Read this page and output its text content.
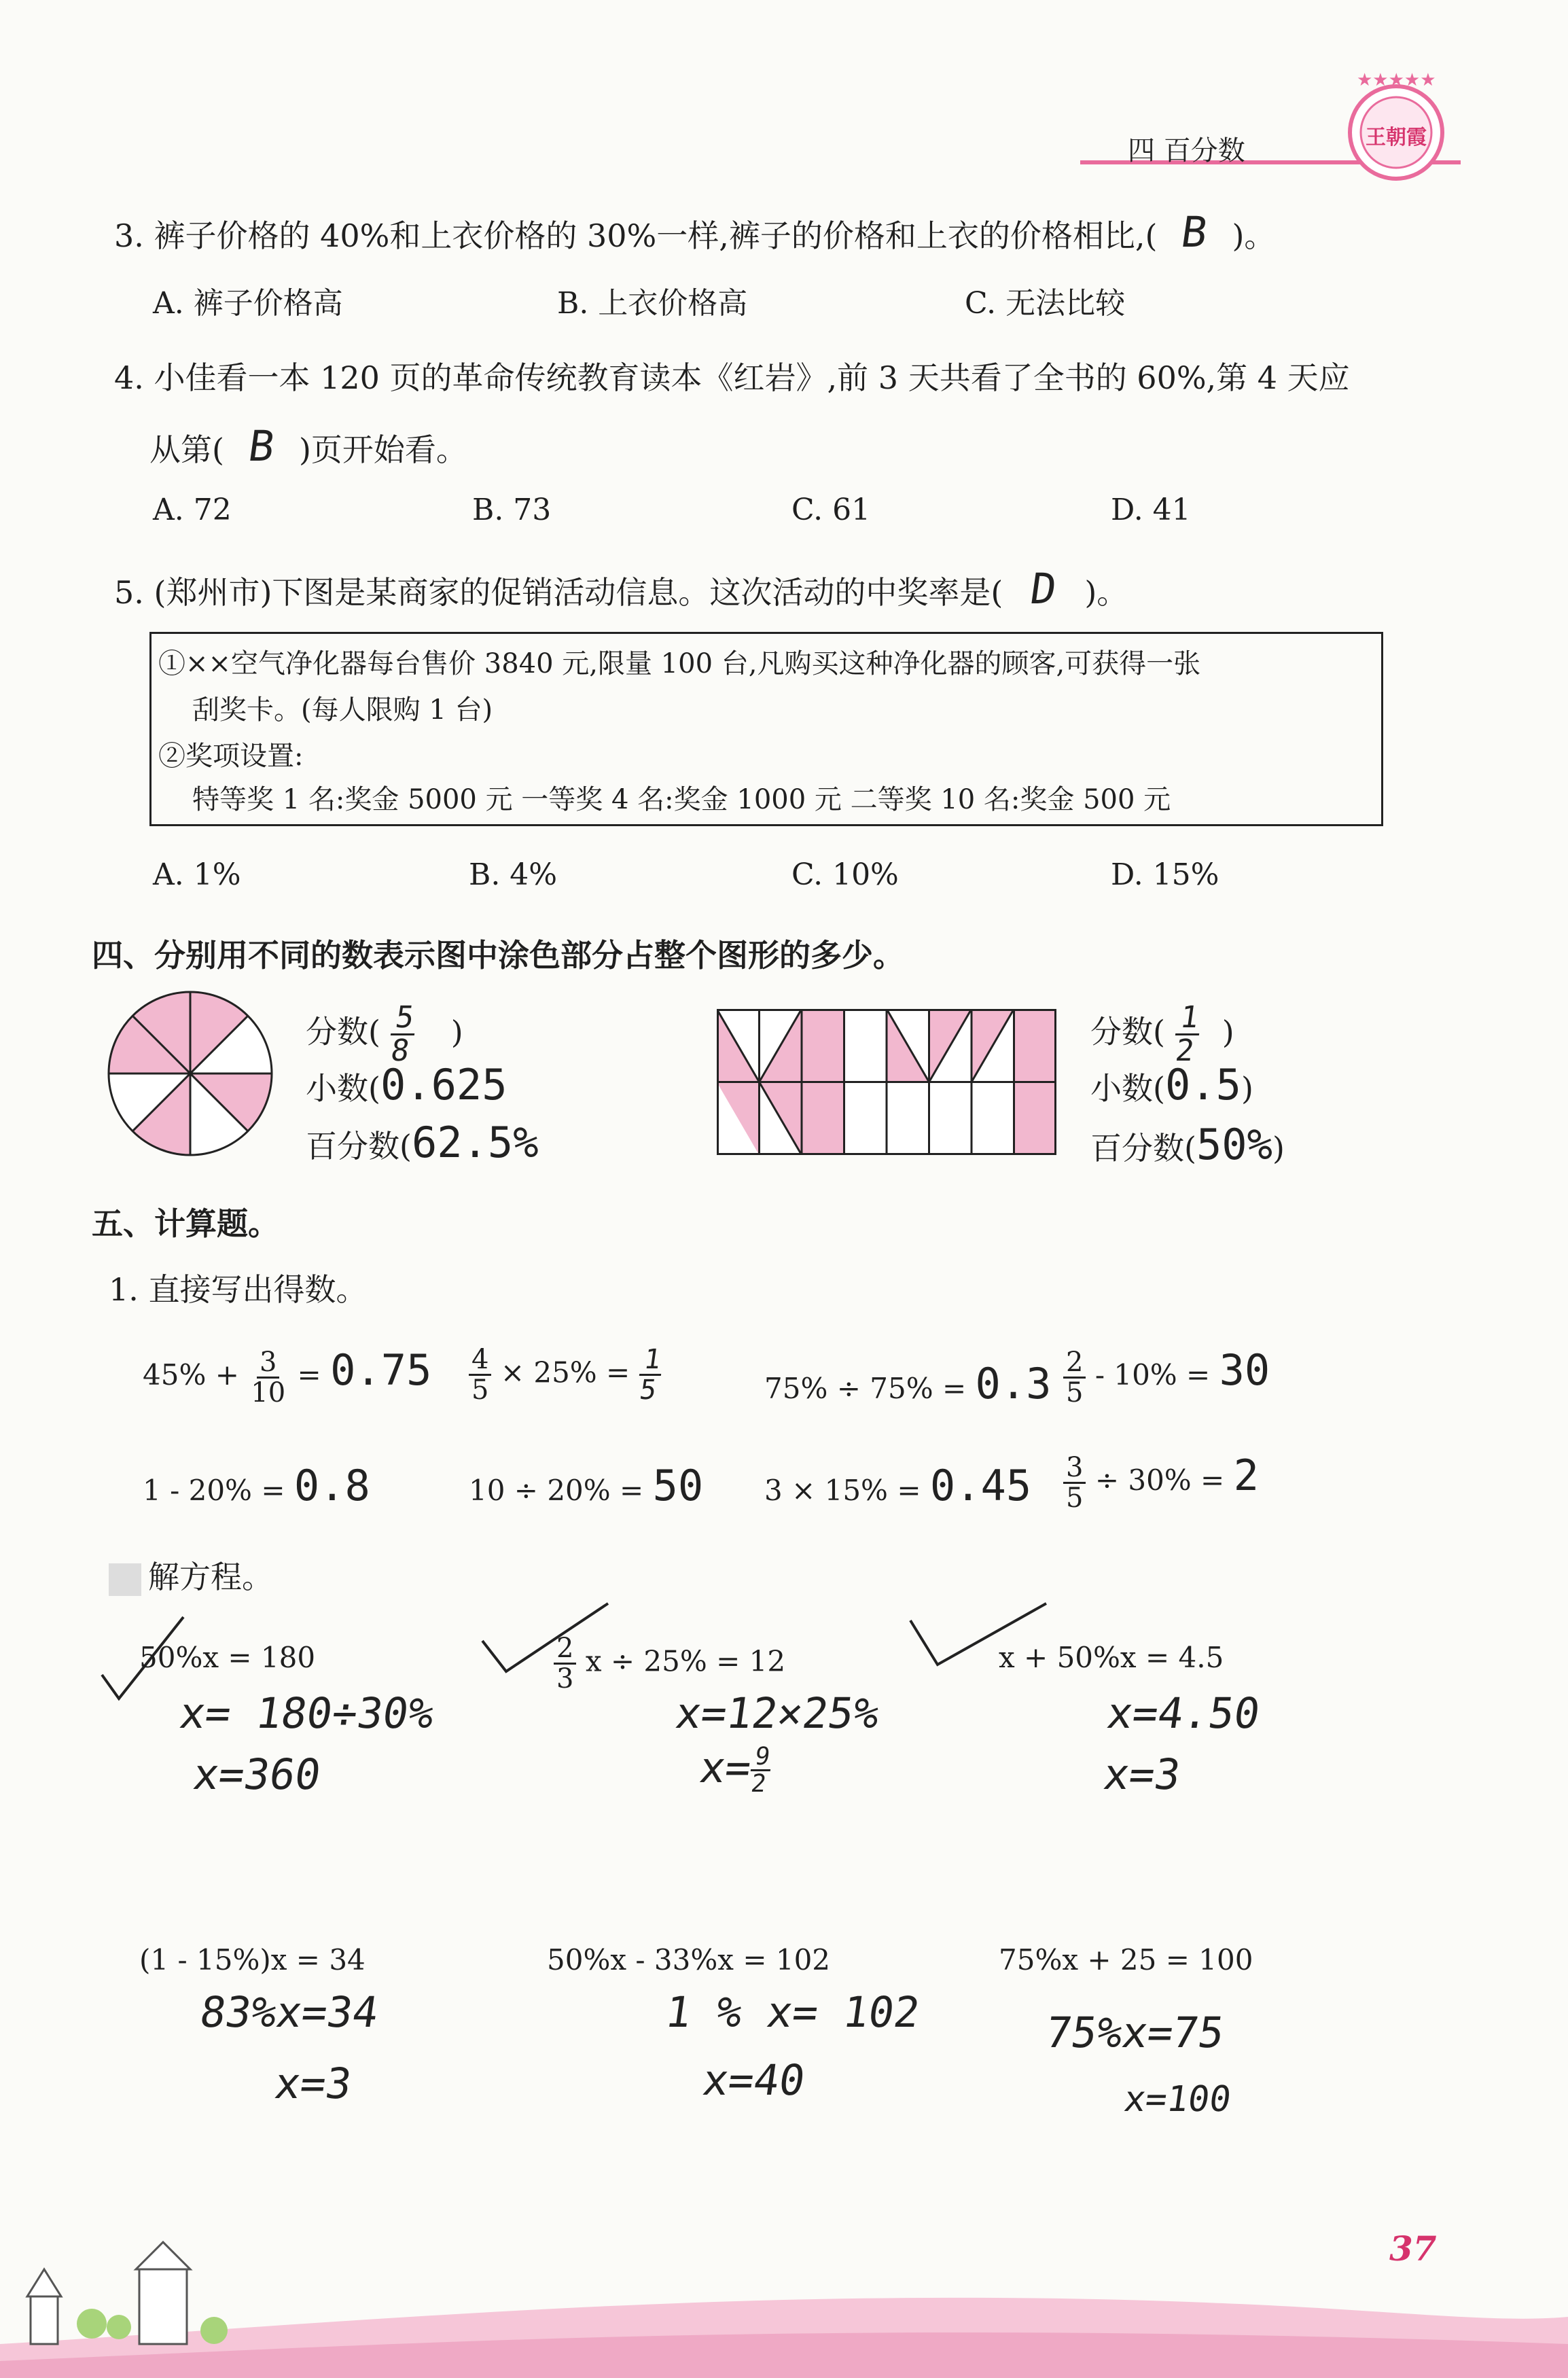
四 百分数
★★★★★
王朝霞
3. 裤子价格的 40%和上衣价格的 30%一样,裤子的价格和上衣的价格相比,( B )。
A. 裤子价格高	B. 上衣价格高	C. 无法比较
4. 小佳看一本 120 页的革命传统教育读本《红岩》,前 3 天共看了全书的 60%,第 4 天应
从第( B )页开始看。
A. 72	B. 73	C. 61	D. 41
5. (郑州市)下图是某商家的促销活动信息。这次活动的中奖率是( D )。
①××空气净化器每台售价 3840 元,限量 100 台,凡购买这种净化器的顾客,可获得一张
刮奖卡。(每人限购 1 台)
②奖项设置:
特等奖 1 名:奖金 5000 元 一等奖 4 名:奖金 1000 元 二等奖 10 名:奖金 500 元
A. 1%	B. 4%	C. 10%	D. 15%
四、分别用不同的数表示图中涂色部分占整个图形的多少。
分数( $\frac{5}{8}$ )
小数(0.625
百分数(62.5%
分数( $\frac{1}{2}$ )
小数(0.5)
百分数(50%)
五、计算题。
1. 直接写出得数。
$45\% + \frac{3}{10} = 0.75 \frac{4}{5} \times 25\% = \frac{1}{5}$	$75\% \div 75\% = 0.3 \frac{2}{5} - 10\% = 30$
1 - 20% = 0.8	10 ÷ 20% = 50 $3 \times 15\% = 0.45 \frac{3}{5} \div 30\% = 2$
解方程。
50%x = 180
x= 180÷30%
x=360
$\frac{2}{3}$ x ÷ 25% = 12
x=12×25%
x=
$\frac{9}{2}$
x + 50%x = 4.5
x=4.50
x=3
(1 - 15%)x = 34
83%x=34
x=3
50%x - 33%x = 102
1 % x= 102
x=40
75%x + 25 = 100
75%x=75
x=100
37
